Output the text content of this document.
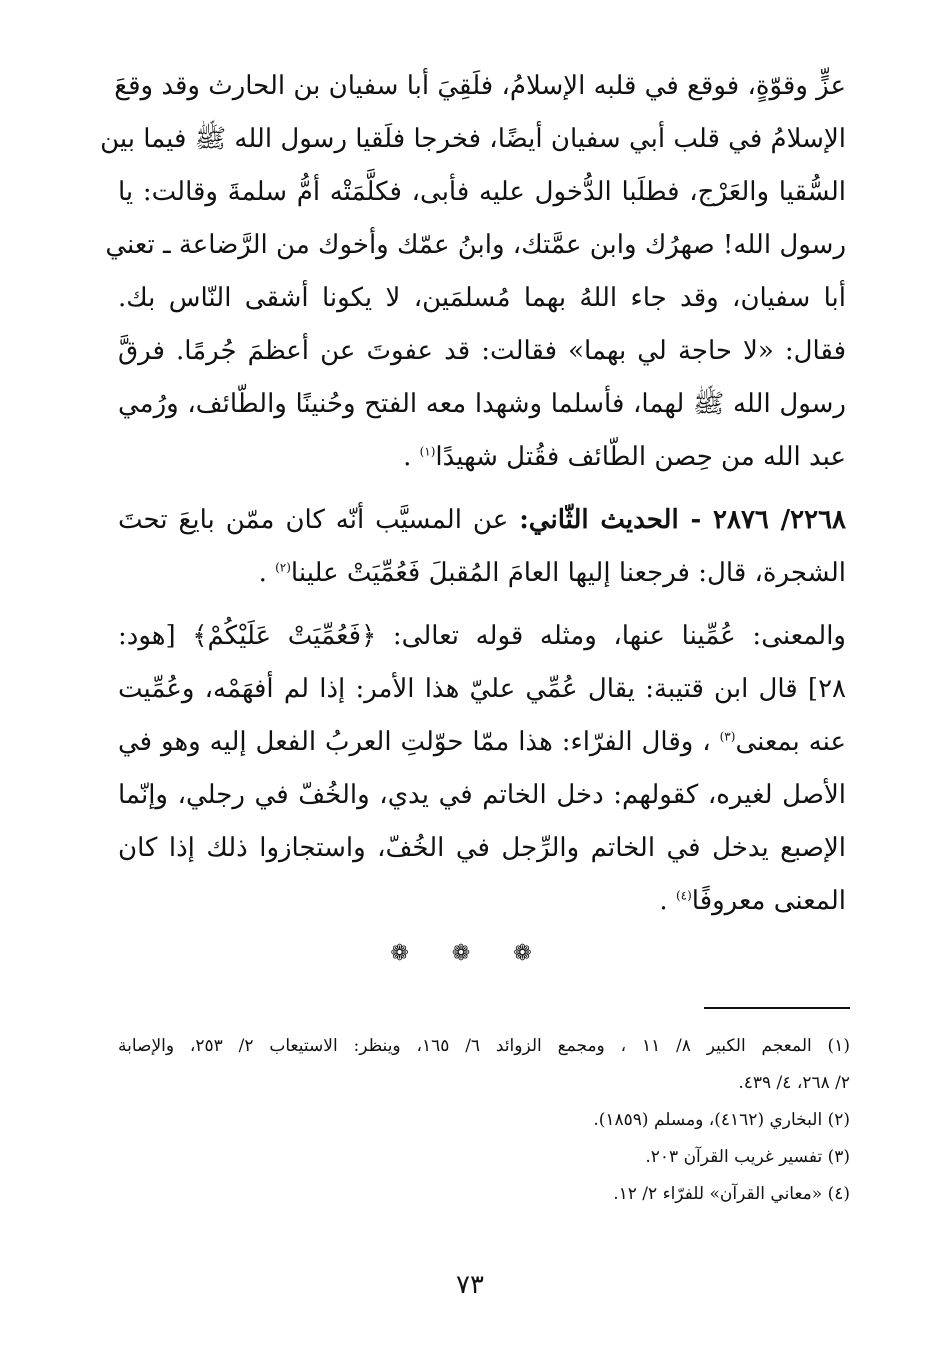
عزٍّ وقوّةٍ، فوقع في قلبه الإسلامُ، فلَقِيَ أبا سفيان بن الحارث وقد وقعَ
الإسلامُ في قلب أبي سفيان أيضًا، فخرجا فلَقيا رسول الله ﷺ فيما بين
السُّقيا والعَرْج، فطلَبا الدُّخول عليه فأبى، فكلَّمَتْه أمُّ سلمةَ وقالت: يا
رسول الله! صهرُك وابن عمَّتك، وابنُ عمّك وأخوك من الرَّضاعة ـ تعني
أبا سفيان، وقد جاء اللهُ بهما مُسلمَين، لا يكونا أشقى النّاس بك.
فقال: «لا حاجة لي بهما» فقالت: قد عفوتَ عن أعظمَ جُرمًا. فرقَّ
رسول الله ﷺ لهما، فأسلما وشهدا معه الفتح وحُنينًا والطّائف، ورُمي
عبد الله من حِصن الطّائف فقُتل شهيدًا$^{(١)}$ .
٢٢٦٨/ ٢٨٧٦ - الحديث الثّاني: عن المسيَّب أنّه كان ممّن بايعَ تحتَ
الشجرة، قال: فرجعنا إليها العامَ المُقبلَ فَعُمِّيَتْ علينا$^{(٢)}$ .
والمعنى: عُمِّينا عنها، ومثله قوله تعالى: ﴿فَعُمِّيَتْ عَلَيْكُمْ﴾ [هود:
٢٨] قال ابن قتيبة: يقال عُمِّي عليّ هذا الأمر: إذا لم أفهَمْه، وعُمِّيت
عنه بمعنى$^{(٣)}$ ، وقال الفرّاء: هذا ممّا حوّلتِ العربُ الفعل إليه وهو في
الأصل لغيره، كقولهم: دخل الخاتم في يدي، والخُفّ في رجلي، وإنّما
الإصبع يدخل في الخاتم والرِّجل في الخُفّ، واستجازوا ذلك إذا كان
المعنى معروفًا$^{(٤)}$ .
❁ ❁ ❁
(١) المعجم الكبير ٨/ ١١ ، ومجمع الزوائد ٦/ ١٦٥، وينظر: الاستيعاب ٢/ ٢٥٣، والإصابة
٢/ ٢٦٨، ٤/ ٤٣٩.
(٢) البخاري (٤١٦٢)، ومسلم (١٨٥٩).
(٣) تفسير غريب القرآن ٢٠٣.
(٤) «معاني القرآن» للفرّاء ٢/ ١٢.
٧٣
